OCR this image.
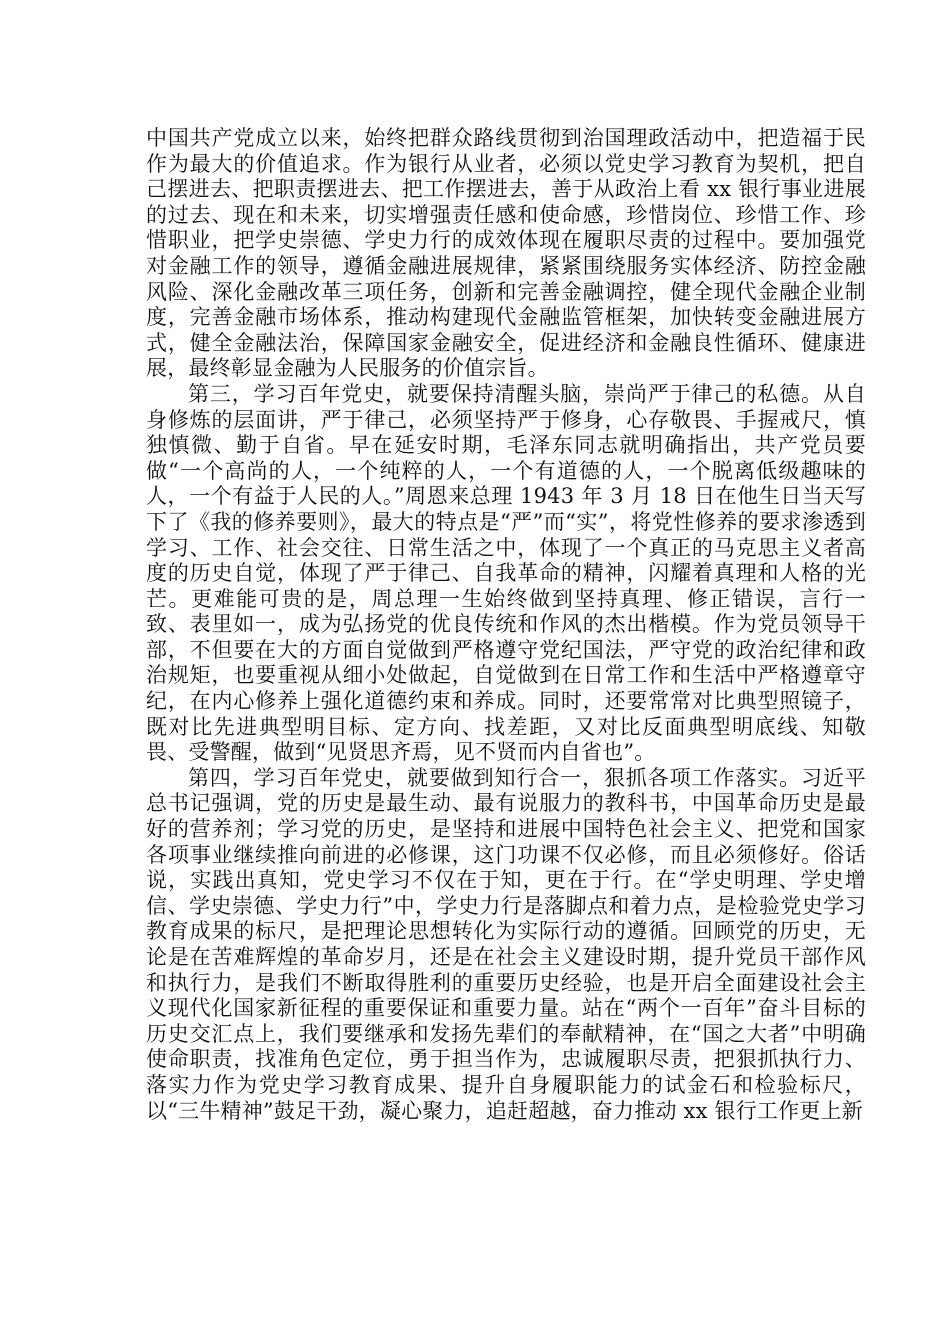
中国共产党成立以来，始终把群众路线贯彻到治国理政活动中，把造福于民作为最大的价值追求。作为银行从业者，必须以党史学习教育为契机，把自己摆进去、把职责摆进去、把工作摆进去，善于从政治上看 xx 银行事业进展的过去、现在和未来，切实增强责任感和使命感，珍惜岗位、珍惜工作、珍惜职业，把学史崇德、学史力行的成效体现在履职尽责的过程中。要加强党对金融工作的领导，遵循金融进展规律，紧紧围绕服务实体经济、防控金融风险、深化金融改革三项任务，创新和完善金融调控，健全现代金融企业制度，完善金融市场体系，推动构建现代金融监管框架，加快转变金融进展方式，健全金融法治，保障国家金融安全，促进经济和金融良性循环、健康进展，最终彰显金融为人民服务的价值宗旨。

第三，学习百年党史，就要保持清醒头脑，崇尚严于律己的私德。从自身修炼的层面讲，严于律己，必须坚持严于修身，心存敬畏、手握戒尺，慎独慎微、勤于自省。早在延安时期，毛泽东同志就明确指出，共产党员要做“一个高尚的人，一个纯粹的人，一个有道德的人，一个脱离低级趣味的人，一个有益于人民的人。”周恩来总理 1943 年 3 月 18 日在他生日当天写下了《我的修养要则》，最大的特点是“严”而“实”，将党性修养的要求渗透到学习、工作、社会交往、日常生活之中，体现了一个真正的马克思主义者高度的历史自觉，体现了严于律己、自我革命的精神，闪耀着真理和人格的光芒。更难能可贵的是，周总理一生始终做到坚持真理、修正错误，言行一致、表里如一，成为弘扬党的优良传统和作风的杰出楷模。作为党员领导干部，不但要在大的方面自觉做到严格遵守党纪国法，严守党的政治纪律和政治规矩，也要重视从细小处做起，自觉做到在日常工作和生活中严格遵章守纪，在内心修养上强化道德约束和养成。同时，还要常常对比典型照镜子，既对比先进典型明目标、定方向、找差距，又对比反面典型明底线、知敬畏、受警醒，做到“见贤思齐焉，见不贤而内自省也”。

第四，学习百年党史，就要做到知行合一，狠抓各项工作落实。习近平总书记强调，党的历史是最生动、最有说服力的教科书，中国革命历史是最好的营养剂；学习党的历史，是坚持和进展中国特色社会主义、把党和国家各项事业继续推向前进的必修课，这门功课不仅必修，而且必须修好。俗话说，实践出真知，党史学习不仅在于知，更在于行。在“学史明理、学史增信、学史崇德、学史力行”中，学史力行是落脚点和着力点，是检验党史学习教育成果的标尺，是把理论思想转化为实际行动的遵循。回顾党的历史，无论是在苦难辉煌的革命岁月，还是在社会主义建设时期，提升党员干部作风和执行力，是我们不断取得胜利的重要历史经验，也是开启全面建设社会主义现代化国家新征程的重要保证和重要力量。站在“两个一百年”奋斗目标的历史交汇点上，我们要继承和发扬先辈们的奉献精神，在“国之大者”中明确使命职责，找准角色定位，勇于担当作为，忠诚履职尽责，把狠抓执行力、落实力作为党史学习教育成果、提升自身履职能力的试金石和检验标尺，以“三牛精神”鼓足干劲，凝心聚力，追赶超越，奋力推动 xx 银行工作更上新
